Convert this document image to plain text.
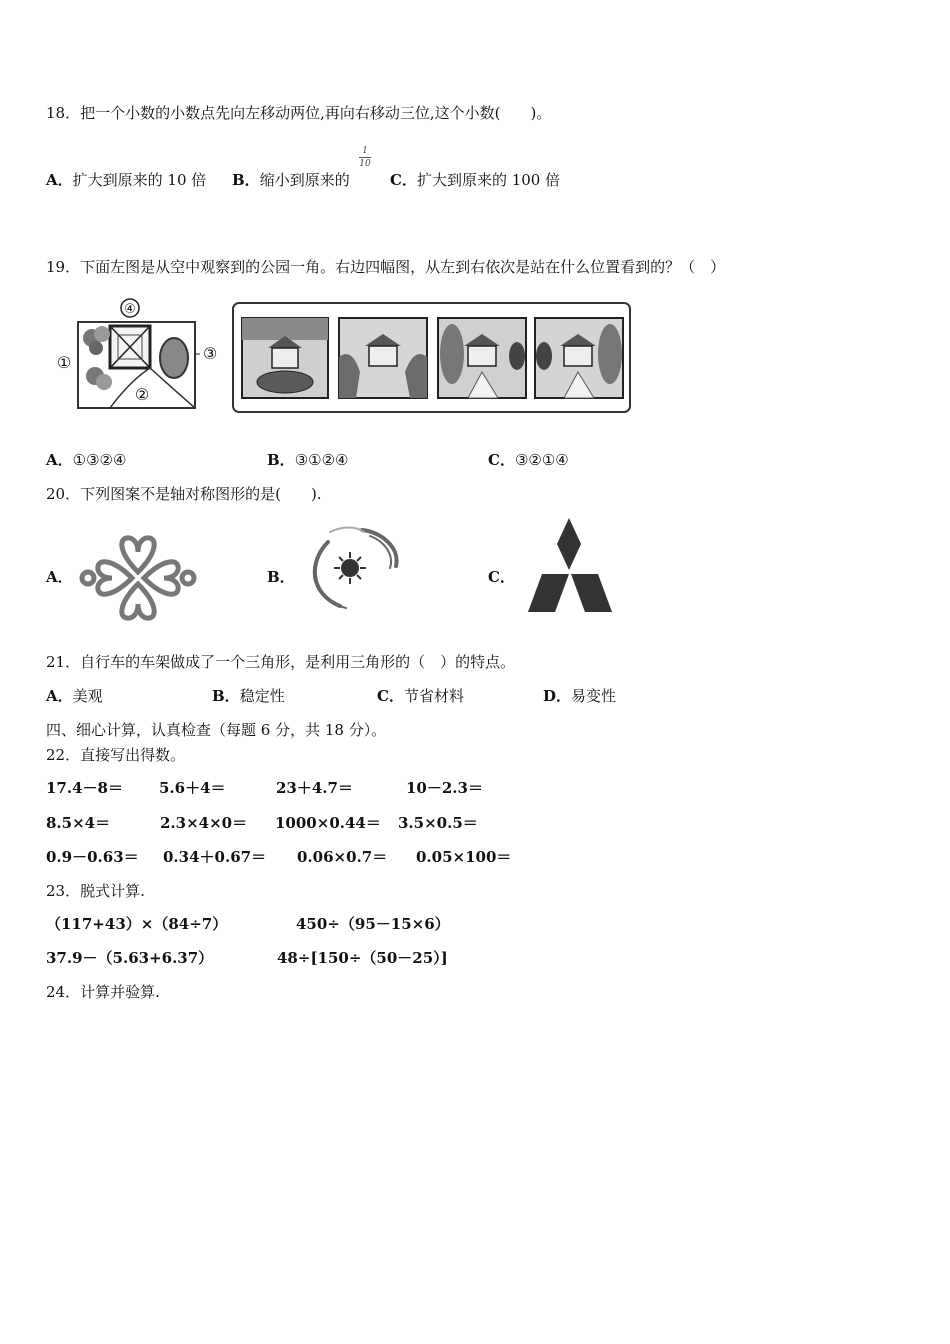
18．把一个小数的小数点先向左移动两位,再向右移动三位,这个小数(　　)。
A．扩大到原来的 10 倍 B．缩小到原来的
1
10
C．扩大到原来的 100 倍
19．下面左图是从空中观察到的公园一角。右边四幅图，从左到右依次是站在什么位置看到的？（　）
④
①	③
②
A．①③②④	B．③①②④	C．③②①④
20．下列图案不是轴对称图形的是(　　).
A．	B．	C．
21．自行车的车架做成了一个三角形，是利用三角形的（　）的特点。
A．美观	B．稳定性	C．节省材料	D．易变性
四、细心计算，认真检查（每题 6 分，共 18 分）。
22．直接写出得数。
17.4－8＝ 5.6＋4＝	23＋4.7＝	10－2.3＝
8.5×4＝	2.3×4×0＝ 1000×0.44＝ 3.5×0.5＝
0.9－0.63＝ 0.34＋0.67＝ 0.06×0.7＝ 0.05×100＝
23．脱式计算.
（117+43）×（84÷7）	450÷（95－15×6）
37.9－（5.63+6.37）	48÷[150÷（50－25）]
24．计算并验算.
